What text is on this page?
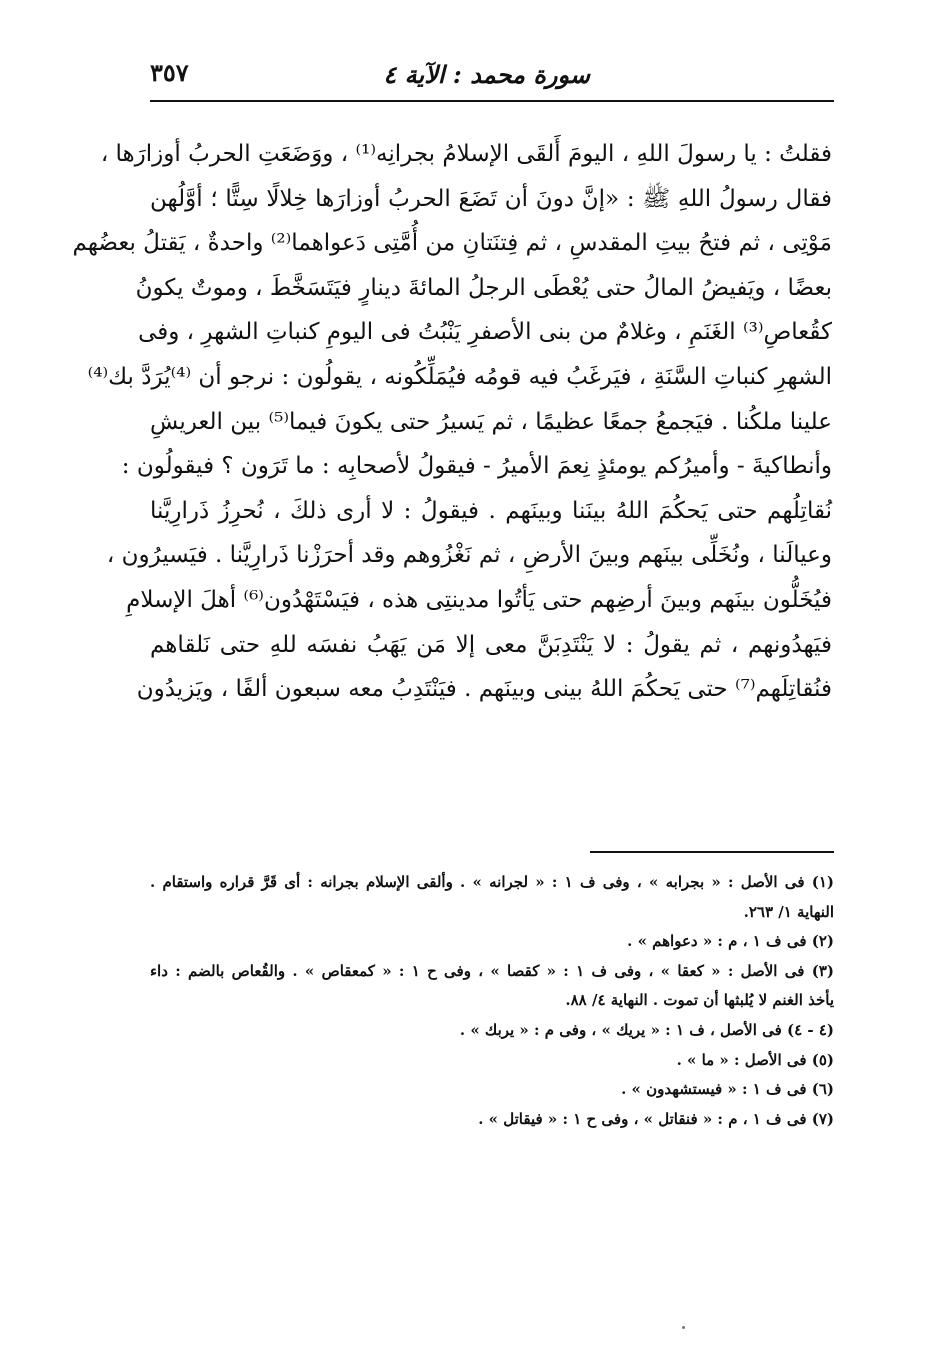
سورة محمد : الآية ٤
٣٥٧
فقلتُ : يا رسولَ اللهِ ، اليومَ أَلقَى الإسلامُ بجرانِه⁽¹⁾ ، ووَضَعَتِ الحربُ أوزارَها ،
فقال رسولُ اللهِ ﷺ : «إنَّ دونَ أن تَضَعَ الحربُ أوزارَها خِلالًا سِتًّا ؛ أوَّلُهن
مَوْتِى ، ثم فتحُ بيتِ المقدسِ ، ثم فِتنَتانِ من أُمَّتِى دَعواهما⁽²⁾ واحدةٌ ، يَقتلُ بعضُهم
بعضًا ، ويَفيضُ المالُ حتى يُعْطَى الرجلُ المائةَ دينارٍ فيَتَسَخَّطَ ، وموتٌ يكونُ
كقُعاصِ⁽³⁾ الغَنَمِ ، وغلامٌ من بنى الأصفرِ يَنْبُتُ فى اليومِ كنباتِ الشهرِ ، وفى
الشهرِ كنباتِ السَّنَةِ ، فيَرغَبُ فيه قومُه فيُمَلِّكُونه ، يقولُون : نرجو أن ⁽⁴⁾يُرَدَّ بك⁽⁴⁾
علينا ملكُنا . فيَجمعُ جمعًا عظيمًا ، ثم يَسيرُ حتى يكونَ فيما⁽⁵⁾ بين العريشِ
وأنطاكيةَ - وأميرُكم يومئذٍ نِعمَ الأميرُ - فيقولُ لأصحابِه : ما تَرَون ؟ فيقولُون :
نُقاتِلُهم حتى يَحكُمَ اللهُ بينَنا وبينَهم . فيقولُ : لا أرى ذلكَ ، نُحرِزُ ذَرارِيَّنا
وعيالَنا ، ونُخَلِّى بينَهم وبينَ الأرضِ ، ثم نَغْزُوهم وقد أحرَزْنا ذَرارِيَّنا . فيَسيرُون ،
فيُخَلُّون بينَهم وبينَ أرضِهم حتى يَأتُوا مدينتِى هذه ، فيَسْتَهْدُون⁽⁶⁾ أهلَ الإسلامِ
فيَهدُونهم ، ثم يقولُ : لا يَنْتَدِبَنَّ معى إلا مَن يَهَبُ نفسَه للهِ حتى نَلقاهم
فنُقاتِلَهم⁽⁷⁾ حتى يَحكُمَ اللهُ بينى وبينَهم . فيَنْتَدِبُ معه سبعون ألفًا ، ويَزيدُون
(١) فى الأصل : « بجرابه » ، وفى ف ١ : « لجرانه » . وألقى الإسلام بجرانه : أى قَرَّ قراره واستقام .
النهاية ١/ ٢٦٣.
(٢) فى ف ١ ، م : « دعواهم » .
(٣) فى الأصل : « كعقا » ، وفى ف ١ : « كقصا » ، وفى ح ١ : « كمعقاص » . والقُعاص بالضم : داء
يأخذ الغنم لا يُلبثها أن تموت . النهاية ٤/ ٨٨.
(٤ - ٤) فى الأصل ، ف ١ : « يريك » ، وفى م : « يربك » .
(٥) فى الأصل : « ما » .
(٦) فى ف ١ : « فيستشهدون » .
(٧) فى ف ١ ، م : « فنقاتل » ، وفى ح ١ : « فيقاتل » .
